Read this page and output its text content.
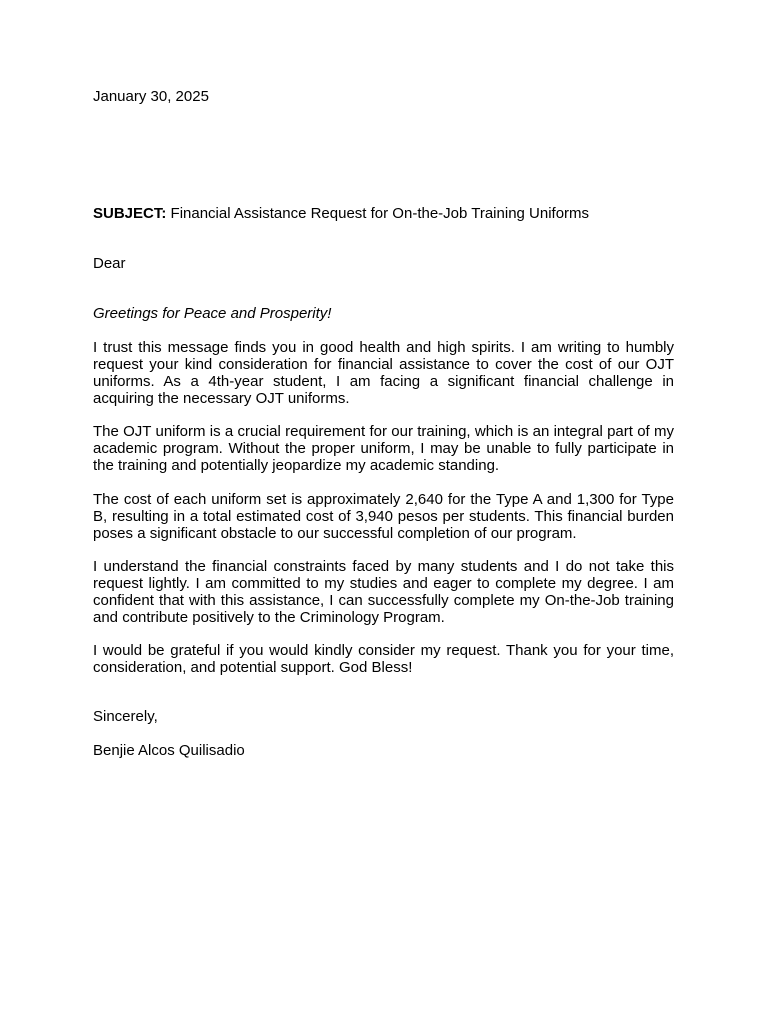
January 30, 2025

SUBJECT: Financial Assistance Request for On-the-Job Training Uniforms

Dear

Greetings for Peace and Prosperity!

I trust this message finds you in good health and high spirits. I am writing to humbly request your kind consideration for financial assistance to cover the cost of our OJT uniforms. As a 4th-year student, I am facing a significant financial challenge in acquiring the necessary OJT uniforms.

The OJT uniform is a crucial requirement for our training, which is an integral part of my academic program. Without the proper uniform, I may be unable to fully participate in the training and potentially jeopardize my academic standing.

The cost of each uniform set is approximately 2,640 for the Type A and 1,300 for Type B, resulting in a total estimated cost of 3,940 pesos per students. This financial burden poses a significant obstacle to our successful completion of our program.

I understand the financial constraints faced by many students and I do not take this request lightly. I am committed to my studies and eager to complete my degree. I am confident that with this assistance, I can successfully complete my On-the-Job training and contribute positively to the Criminology Program.

I would be grateful if you would kindly consider my request. Thank you for your time, consideration, and potential support. God Bless!

Sincerely,

Benjie Alcos Quilisadio
